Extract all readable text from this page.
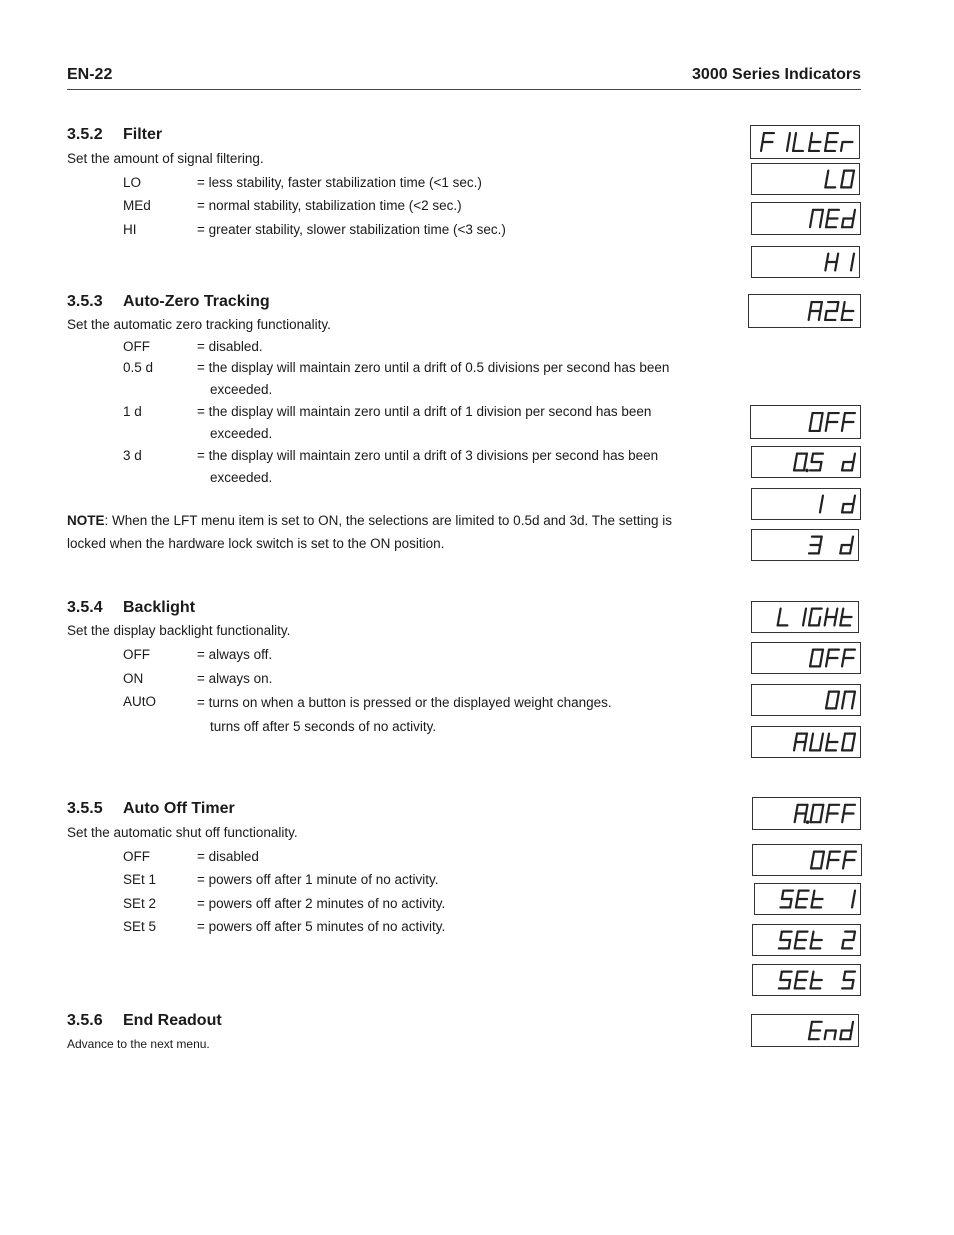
EN-22	3000 Series Indicators
3.5.2 Filter
Set the amount of signal filtering.
LO	= less stability, faster stabilization time (<1 sec.)
MEd	= normal stability, stabilization time (<2 sec.)
HI	= greater stability, slower stabilization time (<3 sec.)
3.5.3 Auto-Zero Tracking
Set the automatic zero tracking functionality.
OFF	= disabled.
0.5 d	= the display will maintain zero until a drift of 0.5 divisions per second has been
exceeded.
1 d	= the display will maintain zero until a drift of 1 division per second has been
exceeded.
3 d	= the display will maintain zero until a drift of 3 divisions per second has been
exceeded.
NOTE: When the LFT menu item is set to ON, the selections are limited to 0.5d and 3d. The setting is locked when the hardware lock switch is set to the ON position.
3.5.4 Backlight
Set the display backlight functionality.
OFF	= always off.
ON	= always on.
AUtO	= turns on when a button is pressed or the displayed weight changes.
turns off after 5 seconds of no activity.
3.5.5 Auto Off Timer
Set the automatic shut off functionality.
OFF	= disabled
SEt 1	= powers off after 1 minute of no activity.
SEt 2	= powers off after 2 minutes of no activity.
SEt 5	= powers off after 5 minutes of no activity.
3.5.6 End Readout
Advance to the next menu.
